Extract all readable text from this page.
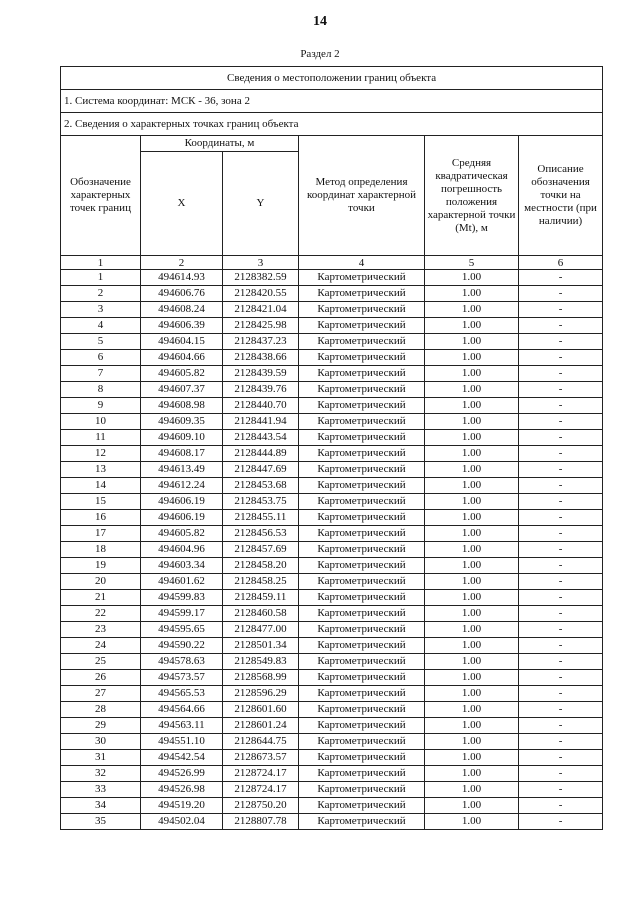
14
Раздел 2
Сведения о местоположении границ объекта					
1. Система координат: МСК - 36, зона 2					
2. Сведения о характерных точках границ объекта					
Обозначение характерных точек границ	Координаты, м		Метод определения координат характерной точки	Средняя квадратическая погрешность положения характерной точки (Mt), м	Описание обозначения точки на местности (при наличии)
	X	Y			
1	2	3	4	5	6
1	494614.93	2128382.59	Картометрический	1.00	-
2	494606.76	2128420.55	Картометрический	1.00	-
3	494608.24	2128421.04	Картометрический	1.00	-
4	494606.39	2128425.98	Картометрический	1.00	-
5	494604.15	2128437.23	Картометрический	1.00	-
6	494604.66	2128438.66	Картометрический	1.00	-
7	494605.82	2128439.59	Картометрический	1.00	-
8	494607.37	2128439.76	Картометрический	1.00	-
9	494608.98	2128440.70	Картометрический	1.00	-
10	494609.35	2128441.94	Картометрический	1.00	-
11	494609.10	2128443.54	Картометрический	1.00	-
12	494608.17	2128444.89	Картометрический	1.00	-
13	494613.49	2128447.69	Картометрический	1.00	-
14	494612.24	2128453.68	Картометрический	1.00	-
15	494606.19	2128453.75	Картометрический	1.00	-
16	494606.19	2128455.11	Картометрический	1.00	-
17	494605.82	2128456.53	Картометрический	1.00	-
18	494604.96	2128457.69	Картометрический	1.00	-
19	494603.34	2128458.20	Картометрический	1.00	-
20	494601.62	2128458.25	Картометрический	1.00	-
21	494599.83	2128459.11	Картометрический	1.00	-
22	494599.17	2128460.58	Картометрический	1.00	-
23	494595.65	2128477.00	Картометрический	1.00	-
24	494590.22	2128501.34	Картометрический	1.00	-
25	494578.63	2128549.83	Картометрический	1.00	-
26	494573.57	2128568.99	Картометрический	1.00	-
27	494565.53	2128596.29	Картометрический	1.00	-
28	494564.66	2128601.60	Картометрический	1.00	-
29	494563.11	2128601.24	Картометрический	1.00	-
30	494551.10	2128644.75	Картометрический	1.00	-
31	494542.54	2128673.57	Картометрический	1.00	-
32	494526.99	2128724.17	Картометрический	1.00	-
33	494526.98	2128724.17	Картометрический	1.00	-
34	494519.20	2128750.20	Картометрический	1.00	-
35	494502.04	2128807.78	Картометрический	1.00	-
